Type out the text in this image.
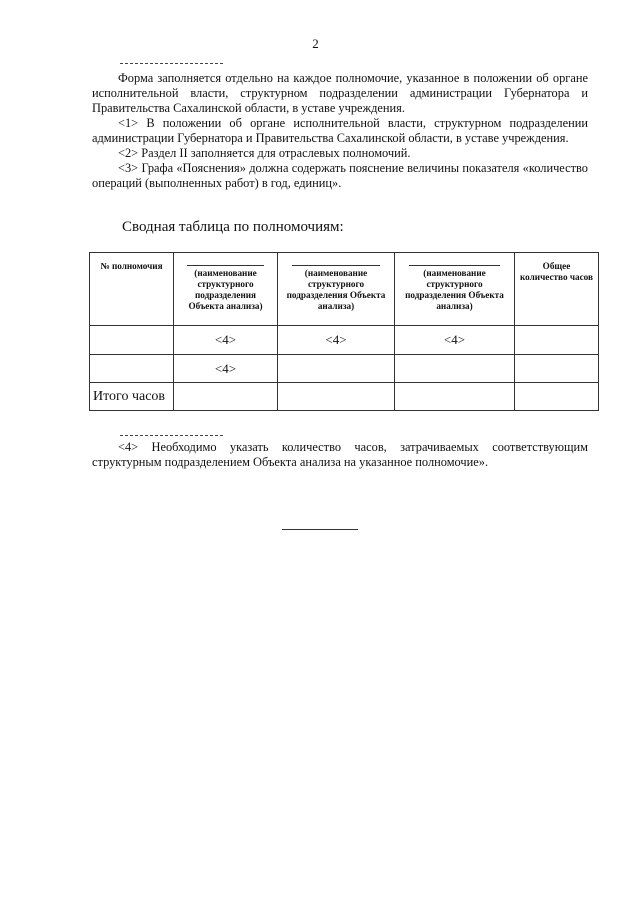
2

Форма заполняется отдельно на каждое полномочие, указанное в положении об органе исполнительной власти, структурном подразделении администрации Губернатора и Правительства Сахалинской области, в уставе учреждения.

<1> В положении об органе исполнительной власти, структурном подразделении администрации Губернатора и Правительства Сахалинской области, в уставе учреждения.

<2> Раздел II заполняется для отраслевых полномочий.

<3> Графа «Пояснения» должна содержать пояснение величины показателя «количество операций (выполненных работ) в год, единиц».

Сводная таблица по полномочиям:
№ полномочия	(наименование структурного подразделения Объекта анализа)	(наименование структурного подразделения Объекта анализа)	(наименование структурного подразделения Объекта анализа)	Общее количество часов
	<4>	<4>	<4>	
	<4>			
Итого часов				

<4> Необходимо указать количество часов, затрачиваемых соответствующим структурным подразделением Объекта анализа на указанное полномочие».
